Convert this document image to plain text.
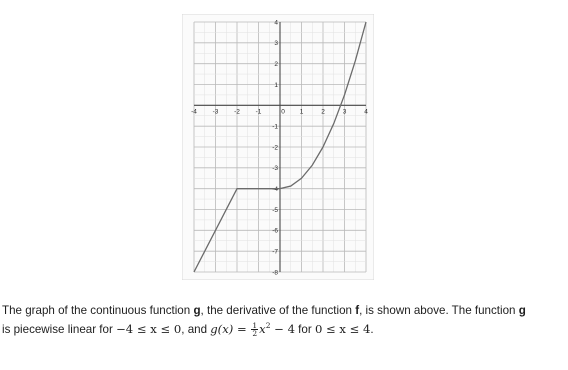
-4 -3 -2 -1	0 1	2	3	4
4
3
2
1
-1
-2
-3
-4
-5
-6
-7
-8
The graph of the continuous function g, the derivative of the function f, is shown above. The function g
is piecewise linear for −4 ≤ x ≤ 0, and $g(x) = \frac{1}{2} x^2 - 4$ for 0 ≤ x ≤ 4.
